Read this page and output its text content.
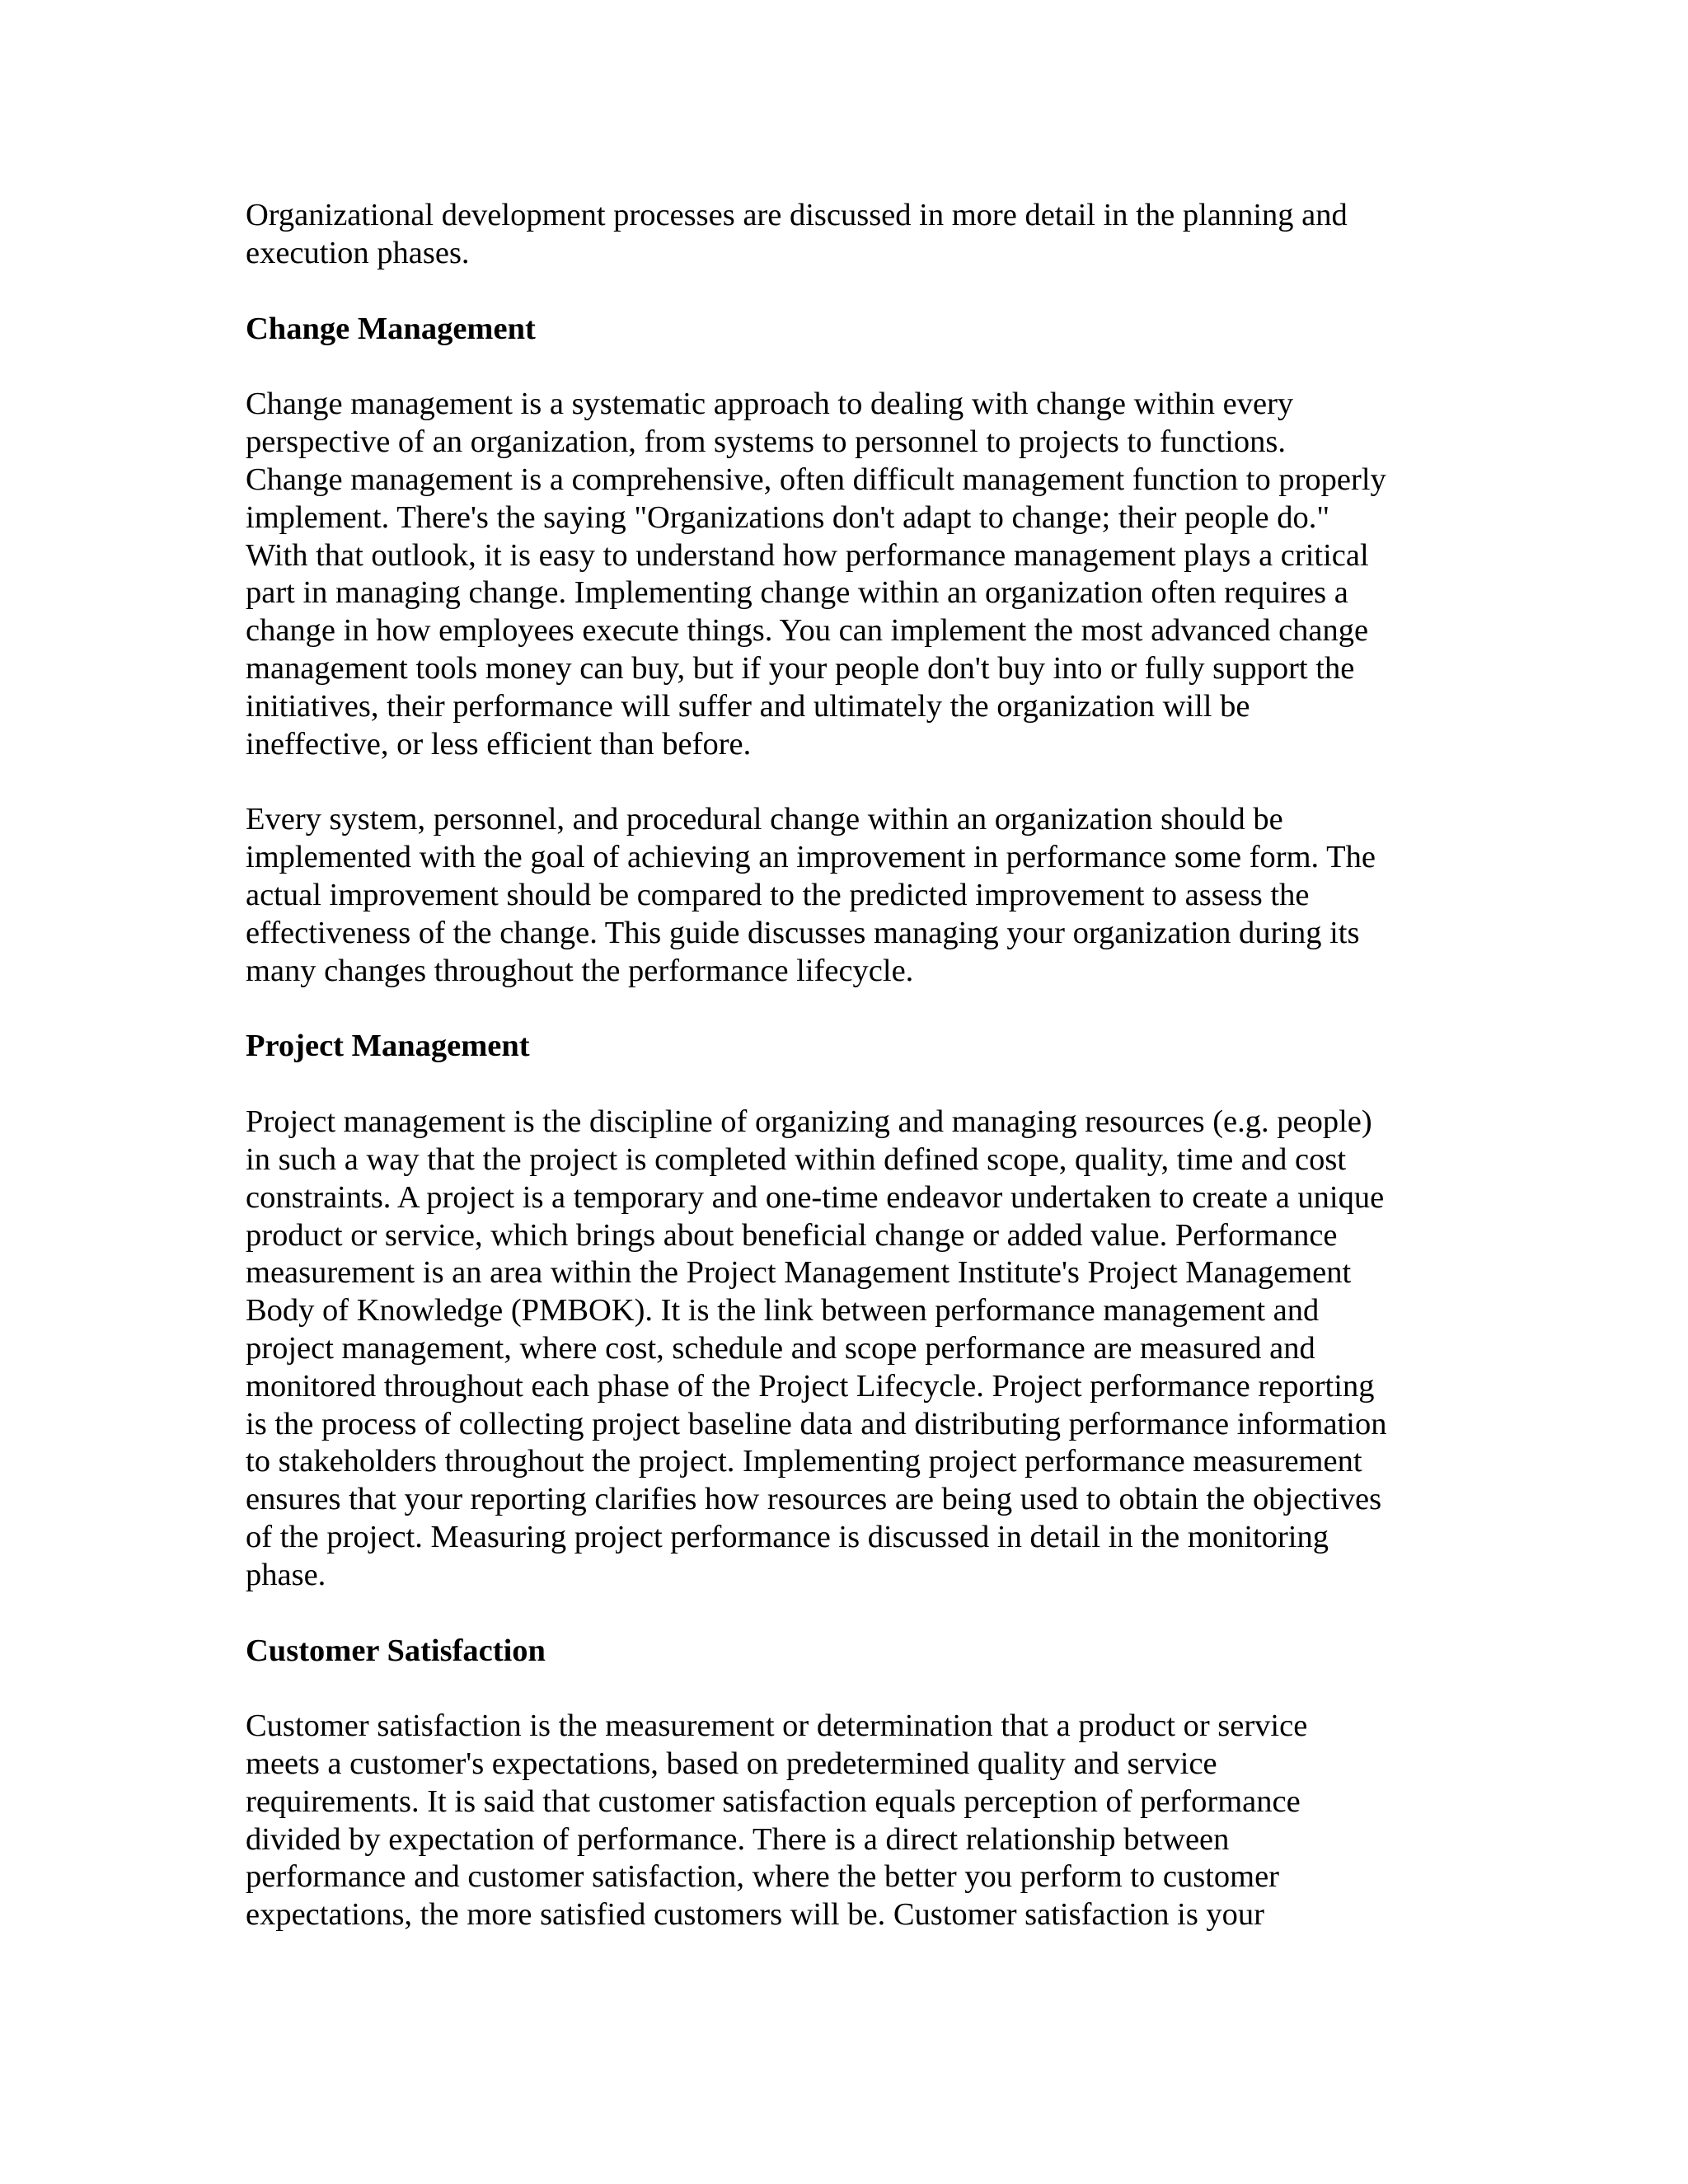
Organizational development processes are discussed in more detail in the planning and
execution phases.

Change Management

Change management is a systematic approach to dealing with change within every
perspective of an organization, from systems to personnel to projects to functions.
Change management is a comprehensive, often difficult management function to properly
implement. There's the saying "Organizations don't adapt to change; their people do."
With that outlook, it is easy to understand how performance management plays a critical
part in managing change. Implementing change within an organization often requires a
change in how employees execute things. You can implement the most advanced change
management tools money can buy, but if your people don't buy into or fully support the
initiatives, their performance will suffer and ultimately the organization will be
ineffective, or less efficient than before.

Every system, personnel, and procedural change within an organization should be
implemented with the goal of achieving an improvement in performance some form. The
actual improvement should be compared to the predicted improvement to assess the
effectiveness of the change. This guide discusses managing your organization during its
many changes throughout the performance lifecycle.

Project Management

Project management is the discipline of organizing and managing resources (e.g. people)
in such a way that the project is completed within defined scope, quality, time and cost
constraints. A project is a temporary and one-time endeavor undertaken to create a unique
product or service, which brings about beneficial change or added value. Performance
measurement is an area within the Project Management Institute's Project Management
Body of Knowledge (PMBOK). It is the link between performance management and
project management, where cost, schedule and scope performance are measured and
monitored throughout each phase of the Project Lifecycle. Project performance reporting
is the process of collecting project baseline data and distributing performance information
to stakeholders throughout the project. Implementing project performance measurement
ensures that your reporting clarifies how resources are being used to obtain the objectives
of the project. Measuring project performance is discussed in detail in the monitoring
phase.

Customer Satisfaction

Customer satisfaction is the measurement or determination that a product or service
meets a customer's expectations, based on predetermined quality and service
requirements. It is said that customer satisfaction equals perception of performance
divided by expectation of performance. There is a direct relationship between
performance and customer satisfaction, where the better you perform to customer
expectations, the more satisfied customers will be. Customer satisfaction is your
